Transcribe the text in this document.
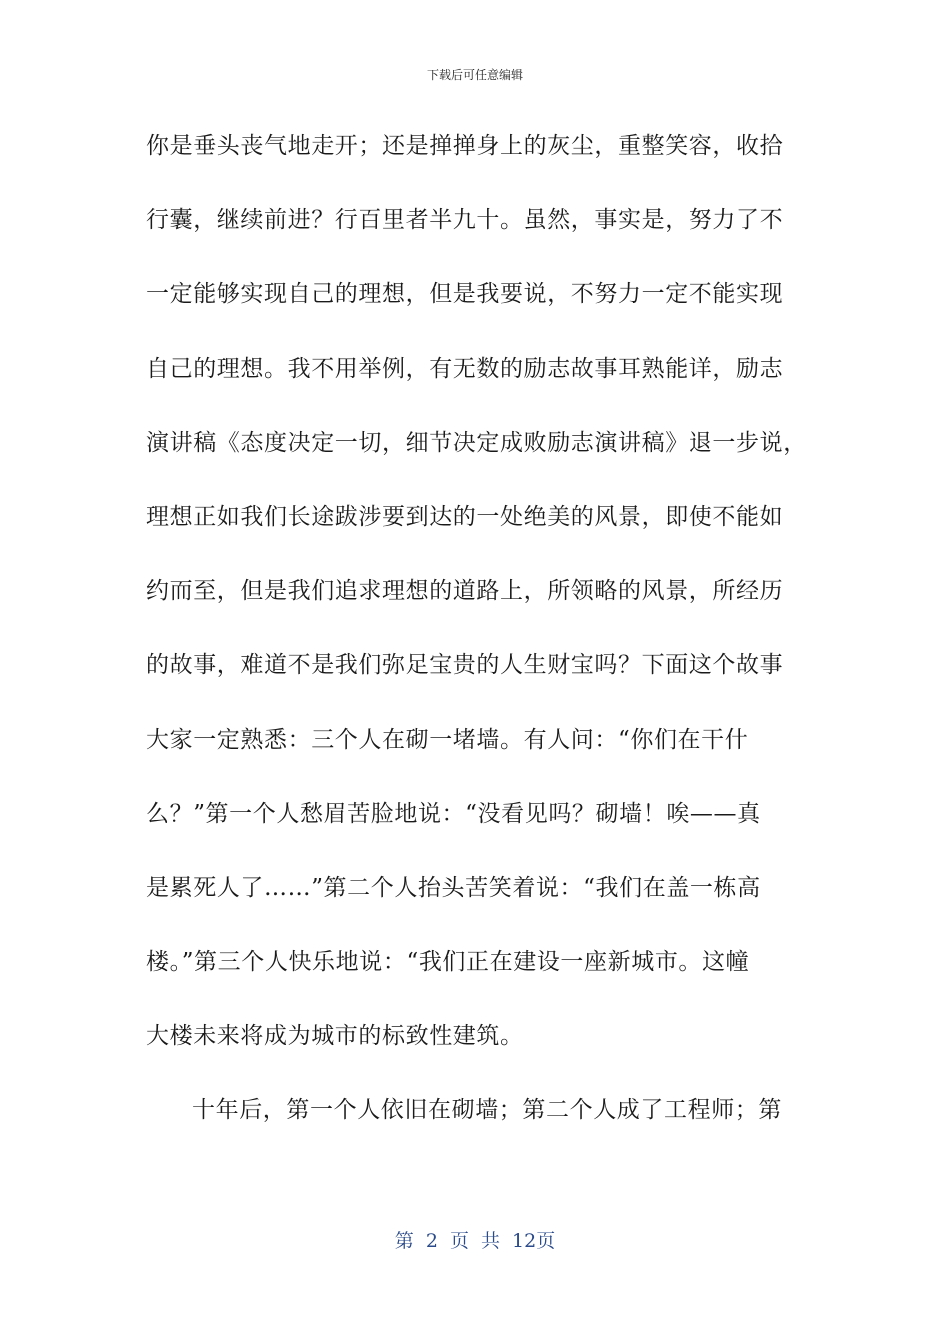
下载后可任意编辑
你是垂头丧气地走开；还是掸掸身上的灰尘，重整笑容，收拾
行囊，继续前进？行百里者半九十。虽然，事实是，努力了不
一定能够实现自己的理想，但是我要说，不努力一定不能实现
自己的理想。我不用举例，有无数的励志故事耳熟能详，励志
演讲稿《态度决定一切，细节决定成败励志演讲稿》退一步说，
理想正如我们长途跋涉要到达的一处绝美的风景，即使不能如
约而至，但是我们追求理想的道路上，所领略的风景，所经历
的故事，难道不是我们弥足宝贵的人生财宝吗？下面这个故事
大家一定熟悉：三个人在砌一堵墙。有人问：“你们在干什
么？”第一个人愁眉苦脸地说：“没看见吗？砌墙！唉——真
是累死人了……”第二个人抬头苦笑着说：“我们在盖一栋高
楼。”第三个人快乐地说：“我们正在建设一座新城市。这幢
大楼未来将成为城市的标致性建筑。
十年后，第一个人依旧在砌墙；第二个人成了工程师；第
第 2 页 共 12页
